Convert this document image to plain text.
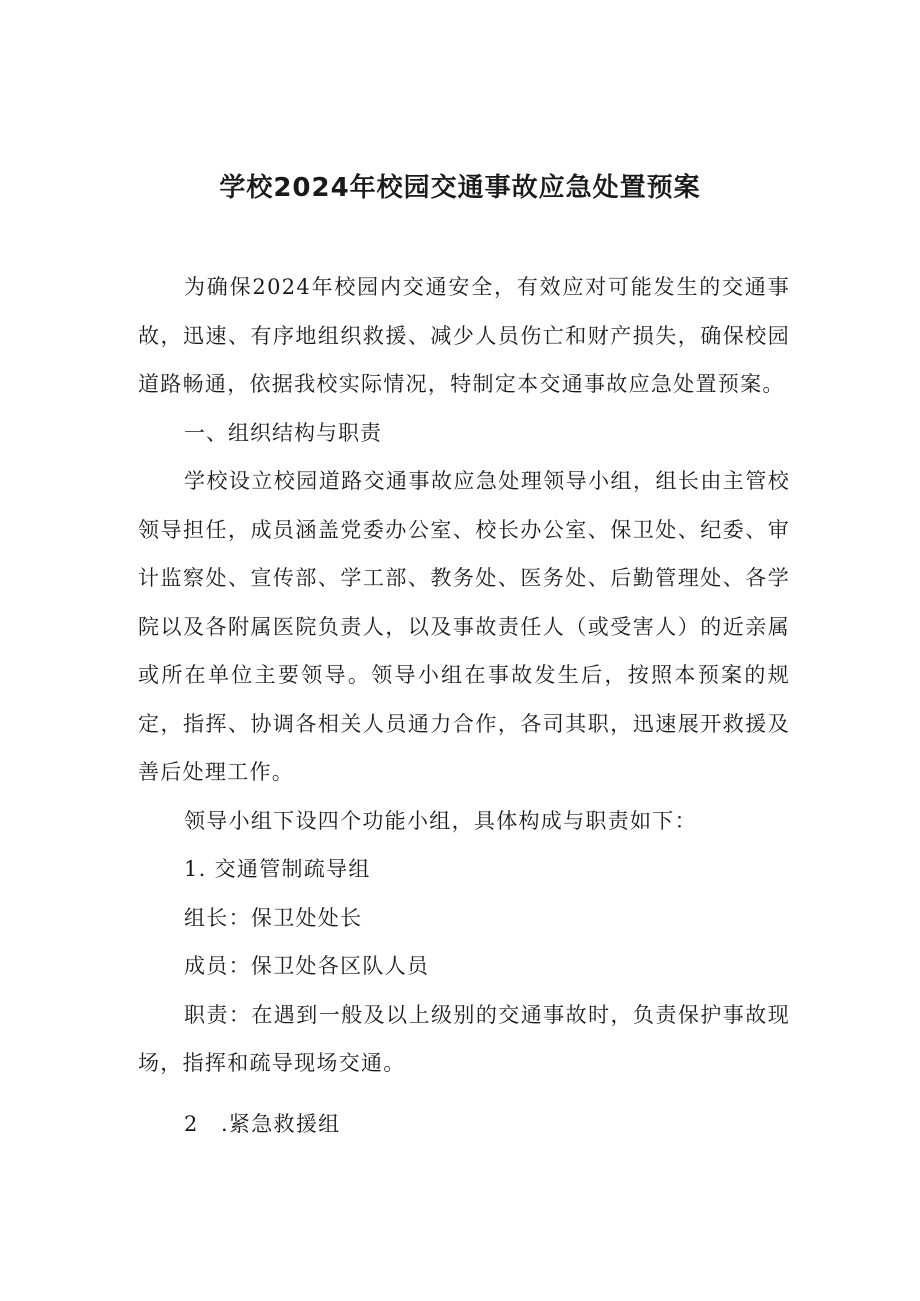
学校2024年校园交通事故应急处置预案

为确保2024年校园内交通安全，有效应对可能发生的交通事故，迅速、有序地组织救援、减少人员伤亡和财产损失，确保校园道路畅通，依据我校实际情况，特制定本交通事故应急处置预案。

一、组织结构与职责

学校设立校园道路交通事故应急处理领导小组，组长由主管校领导担任，成员涵盖党委办公室、校长办公室、保卫处、纪委、审计监察处、宣传部、学工部、教务处、医务处、后勤管理处、各学院以及各附属医院负责人，以及事故责任人（或受害人）的近亲属或所在单位主要领导。领导小组在事故发生后，按照本预案的规定，指挥、协调各相关人员通力合作，各司其职，迅速展开救援及善后处理工作。

领导小组下设四个功能小组，具体构成与职责如下：

1. 交通管制疏导组

组长：保卫处处长

成员：保卫处各区队人员

职责：在遇到一般及以上级别的交通事故时，负责保护事故现场，指挥和疏导现场交通。

2　.紧急救援组
